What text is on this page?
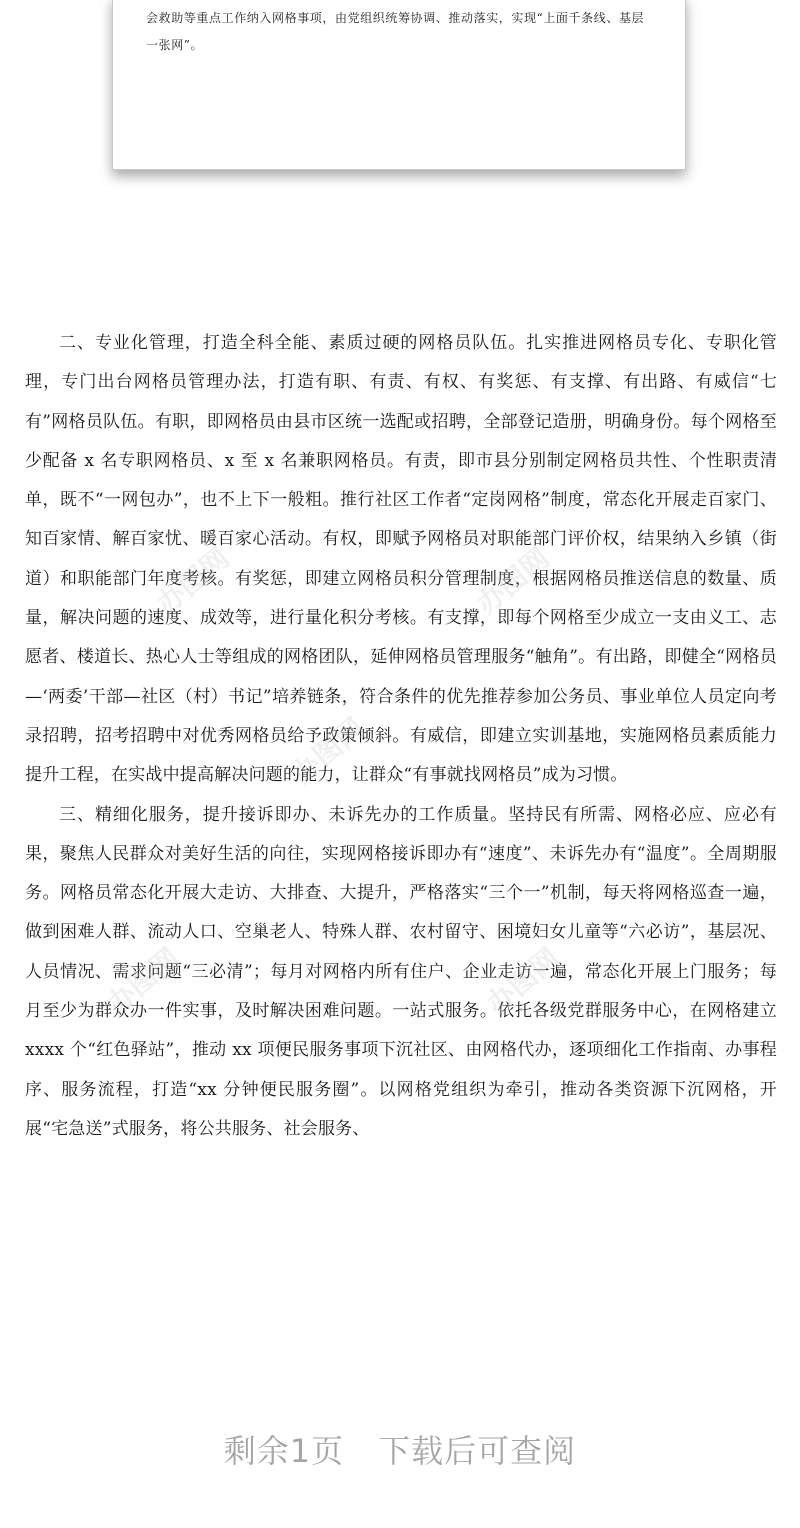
会救助等重点工作纳入网格事项，由党组织统筹协调、推动落实，实现“上面千条线、基层一张网”。

二、专业化管理，打造全科全能、素质过硬的网格员队伍。扎实推进网格员专化、专职化管理，专门出台网格员管理办法，打造有职、有责、有权、有奖惩、有支撑、有出路、有威信“七有”网格员队伍。有职，即网格员由县市区统一选配或招聘，全部登记造册，明确身份。每个网格至少配备 x 名专职网格员、x 至 x 名兼职网格员。有责，即市县分别制定网格员共性、个性职责清单，既不“一网包办”，也不上下一般粗。推行社区工作者“定岗网格”制度，常态化开展走百家门、知百家情、解百家忧、暖百家心活动。有权，即赋予网格员对职能部门评价权，结果纳入乡镇（街道）和职能部门年度考核。有奖惩，即建立网格员积分管理制度，根据网格员推送信息的数量、质量，解决问题的速度、成效等，进行量化积分考核。有支撑，即每个网格至少成立一支由义工、志愿者、楼道长、热心人士等组成的网格团队，延伸网格员管理服务“触角”。有出路，即健全“网格员—‘两委’干部—社区（村）书记”培养链条，符合条件的优先推荐参加公务员、事业单位人员定向考录招聘，招考招聘中对优秀网格员给予政策倾斜。有威信，即建立实训基地，实施网格员素质能力提升工程，在实战中提高解决问题的能力，让群众“有事就找网格员”成为习惯。

三、精细化服务，提升接诉即办、未诉先办的工作质量。坚持民有所需、网格必应、应必有果，聚焦人民群众对美好生活的向往，实现网格接诉即办有“速度”、未诉先办有“温度”。全周期服务。网格员常态化开展大走访、大排查、大提升，严格落实“三个一”机制，每天将网格巡查一遍，做到困难人群、流动人口、空巢老人、特殊人群、农村留守、困境妇女儿童等“六必访”，基层况、人员情况、需求问题“三必清”；每月对网格内所有住户、企业走访一遍，常态化开展上门服务；每月至少为群众办一件实事，及时解决困难问题。一站式服务。依托各级党群服务中心，在网格建立 xxxx 个“红色驿站”，推动 xx 项便民服务事项下沉社区、由网格代办，逐项细化工作指南、办事程序、服务流程，打造“xx 分钟便民服务圈”。以网格党组织为牵引，推动各类资源下沉网格，开展“宅急送”式服务，将公共服务、社会服务、

办图网
办图网
办图网
办图网	办图网
剩余1页 下载后可查阅
